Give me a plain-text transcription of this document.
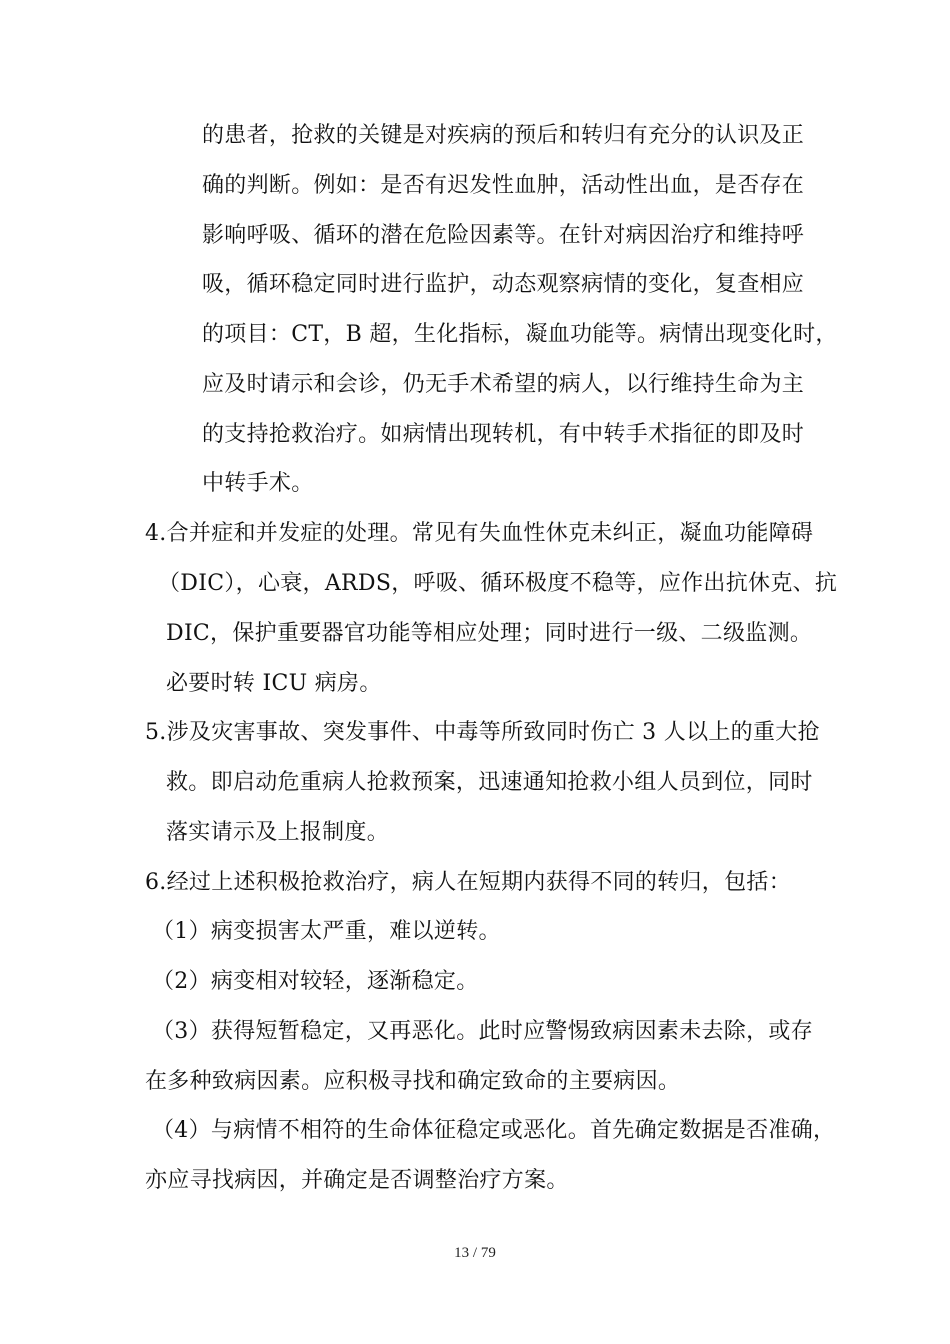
的患者，抢救的关键是对疾病的预后和转归有充分的认识及正
确的判断。例如：是否有迟发性血肿，活动性出血，是否存在
影响呼吸、循环的潜在危险因素等。在针对病因治疗和维持呼
吸，循环稳定同时进行监护，动态观察病情的变化，复查相应
的项目：CT，B 超，生化指标，凝血功能等。病情出现变化时，
应及时请示和会诊，仍无手术希望的病人，以行维持生命为主
的支持抢救治疗。如病情出现转机，有中转手术指征的即及时
中转手术。
4.合并症和并发症的处理。常见有失血性休克未纠正，凝血功能障碍
（DIC），心衰，ARDS，呼吸、循环极度不稳等，应作出抗休克、抗
DIC，保护重要器官功能等相应处理；同时进行一级、二级监测。
必要时转 ICU 病房。
5.涉及灾害事故、突发事件、中毒等所致同时伤亡 3 人以上的重大抢
救。即启动危重病人抢救预案，迅速通知抢救小组人员到位，同时
落实请示及上报制度。
6.经过上述积极抢救治疗，病人在短期内获得不同的转归，包括：
（1）病变损害太严重，难以逆转。
（2）病变相对较轻，逐渐稳定。
（3）获得短暂稳定，又再恶化。此时应警惕致病因素未去除，或存
在多种致病因素。应积极寻找和确定致命的主要病因。
（4）与病情不相符的生命体征稳定或恶化。首先确定数据是否准确，
亦应寻找病因，并确定是否调整治疗方案。
13 / 79
